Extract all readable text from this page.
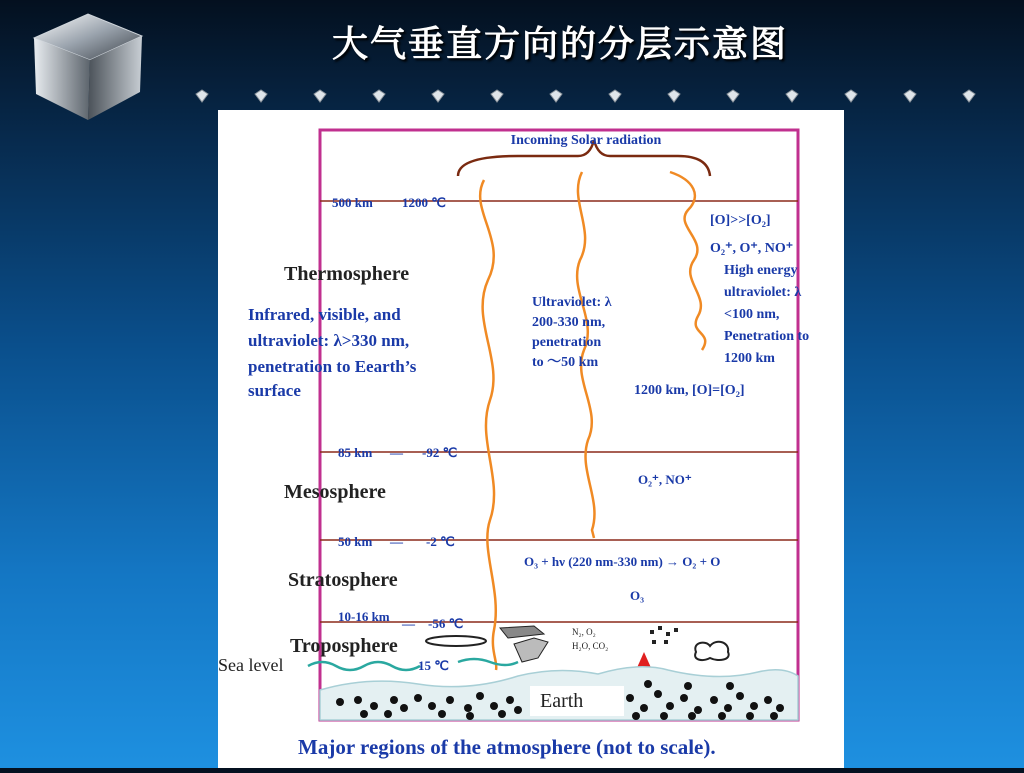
大气垂直方向的分层示意图
Incoming Solar radiation
500 km 1200 ℃
85 km — -92 ℃
50 km — -2 ℃
10-16 km — -56 ℃
15 ℃
Thermosphere
Mesosphere
Stratosphere
Troposphere
Infrared, visible, and
ultraviolet: λ>330 nm,
penetration to Eearth’s
surface
Ultraviolet: λ
200-330 nm,
penetration
to ～50 km
[O]>>[O₂]
O₂⁺, O⁺, NO⁺
High energy
ultraviolet: λ
<100 nm,
Penetration to
1200 km
1200 km, [O]=[O₂]
O₂⁺, NO⁺
O₃ + hν (220 nm-330 nm) → O₂ + O
O₃
N₂, O₂
H₂O, CO₂
Sea level
Earth
Major regions of the atmosphere (not to scale).
